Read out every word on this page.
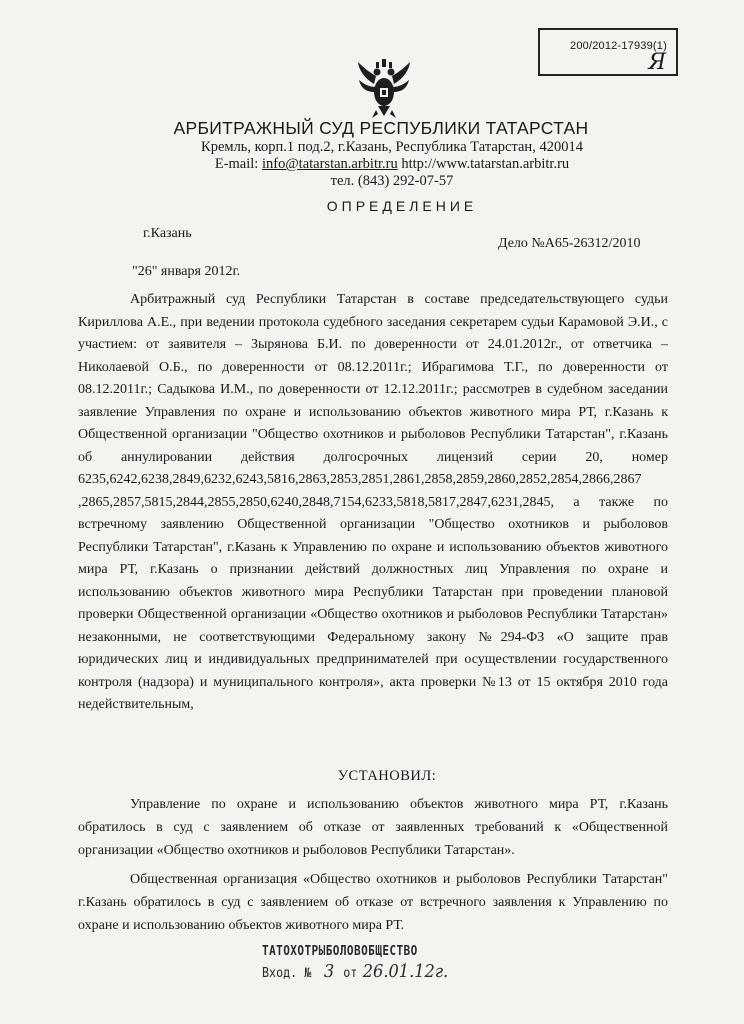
200/2012-17939(1)
Я
АРБИТРАЖНЫЙ СУД РЕСПУБЛИКИ ТАТАРСТАН
Кремль, корп.1 под.2, г.Казань, Республика Татарстан, 420014
E-mail: info@tatarstan.arbitr.ru http://www.tatarstan.arbitr.ru
тел. (843) 292-07-57
ОПРЕДЕЛЕНИЕ
г.Казань
Дело №А65-26312/2010
"26" января 2012г.
Арбитражный суд Республики Татарстан в составе председательствующего судьи Кириллова А.Е., при ведении протокола судебного заседания секретарем судьи Карамовой Э.И., с участием: от заявителя – Зырянова Б.И. по доверенности от 24.01.2012г., от ответчика – Николаевой О.Б., по доверенности от 08.12.2011г.; Ибрагимова Т.Г., по доверенности от 08.12.2011г.; Садыкова И.М., по доверенности от 12.12.2011г.; рассмотрев в судебном заседании заявление Управления по охране и использованию объектов животного мира РТ, г.Казань к Общественной организации "Общество охотников и рыболовов Республики Татарстан", г.Казань об аннулировании действия долгосрочных лицензий серии 20, номер 6235,6242,6238,2849,6232,6243,5816,2863,2853,2851,2861,2858,2859,2860,2852,2854,2866,2867 ,2865,2857,5815,2844,2855,2850,6240,2848,7154,6233,5818,5817,2847,6231,2845, а также по встречному заявлению Общественной организации "Общество охотников и рыболовов Республики Татарстан", г.Казань к Управлению по охране и использованию объектов животного мира РТ, г.Казань о признании действий должностных лиц Управления по охране и использованию объектов животного мира Республики Татарстан при проведении плановой проверки Общественной организации «Общество охотников и рыболовов Республики Татарстан» незаконными, не соответствующими Федеральному закону №294-ФЗ «О защите прав юридических лиц и индивидуальных предпринимателей при осуществлении государственного контроля (надзора) и муниципального контроля», акта проверки №13 от 15 октября 2010 года недействительным,
УСТАНОВИЛ:
Управление по охране и использованию объектов животного мира РТ, г.Казань обратилось в суд с заявлением об отказе от заявленных требований к «Общественной организации «Общество охотников и рыболовов Республики Татарстан».
Общественная организация «Общество охотников и рыболовов Республики Татарстан" г.Казань обратилось в суд с заявлением об отказе от встречного заявления к Управлению по охране и использованию объектов животного мира РТ.
ТАТОХОТРЫБОЛОВОБЩЕСТВО
Вход. № 3 от 26.01.12г.
